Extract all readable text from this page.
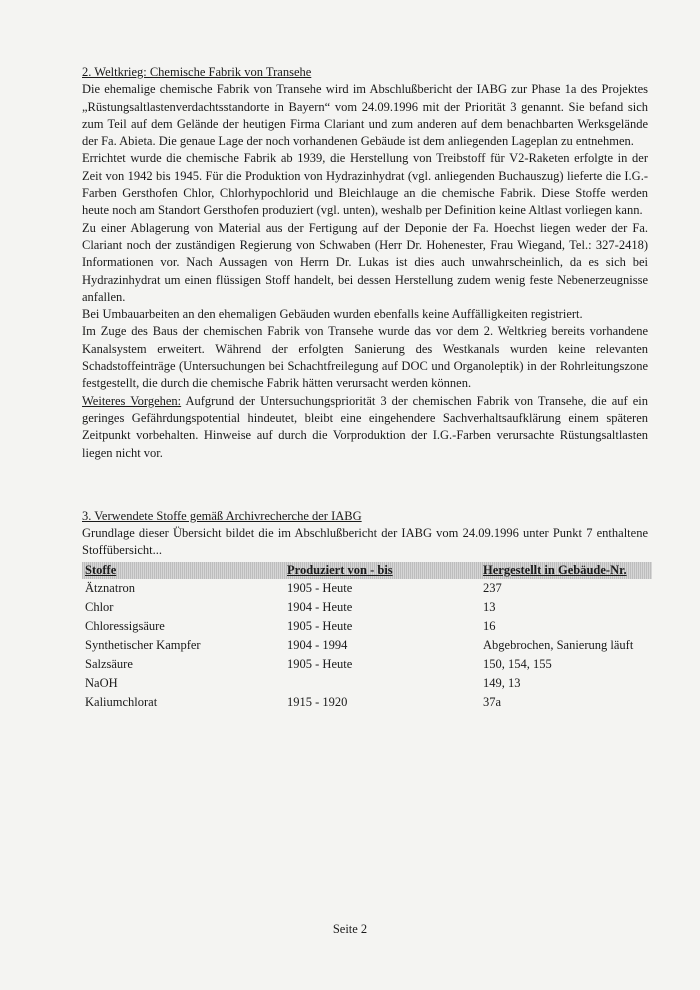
2. Weltkrieg: Chemische Fabrik von Transehe

Die ehemalige chemische Fabrik von Transehe wird im Abschlußbericht der IABG zur Phase 1a des Projektes „Rüstungsaltlastenverdachtsstandorte in Bayern“ vom 24.09.1996 mit der Priorität 3 genannt. Sie befand sich zum Teil auf dem Gelände der heutigen Firma Clariant und zum anderen auf dem benachbarten Werksgelände der Fa. Abieta. Die genaue Lage der noch vorhandenen Gebäude ist dem anliegenden Lageplan zu entnehmen.

Errichtet wurde die chemische Fabrik ab 1939, die Herstellung von Treibstoff für V2-Raketen erfolgte in der Zeit von 1942 bis 1945. Für die Produktion von Hydrazinhydrat (vgl. anliegenden Buchauszug) lieferte die I.G.-Farben Gersthofen Chlor, Chlorhypochlorid und Bleichlauge an die chemische Fabrik. Diese Stoffe werden heute noch am Standort Gersthofen produziert (vgl. unten), weshalb per Definition keine Altlast vorliegen kann.

Zu einer Ablagerung von Material aus der Fertigung auf der Deponie der Fa. Hoechst liegen weder der Fa. Clariant noch der zuständigen Regierung von Schwaben (Herr Dr. Hohenester, Frau Wiegand, Tel.: 327-2418) Informationen vor. Nach Aussagen von Herrn Dr. Lukas ist dies auch unwahrscheinlich, da es sich bei Hydrazinhydrat um einen flüssigen Stoff handelt, bei dessen Herstellung zudem wenig feste Nebenerzeugnisse anfallen.

Bei Umbauarbeiten an den ehemaligen Gebäuden wurden ebenfalls keine Auffälligkeiten registriert.

Im Zuge des Baus der chemischen Fabrik von Transehe wurde das vor dem 2. Weltkrieg bereits vorhandene Kanalsystem erweitert. Während der erfolgten Sanierung des Westkanals wurden keine relevanten Schadstoffeinträge (Untersuchungen bei Schachtfreilegung auf DOC und Organoleptik) in der Rohrleitungszone festgestellt, die durch die chemische Fabrik hätten verursacht werden können.

Weiteres Vorgehen: Aufgrund der Untersuchungspriorität 3 der chemischen Fabrik von Transehe, die auf ein geringes Gefährdungspotential hindeutet, bleibt eine eingehendere Sachverhaltsaufklärung einem späteren Zeitpunkt vorbehalten. Hinweise auf durch die Vorproduktion der I.G.-Farben verursachte Rüstungsaltlasten liegen nicht vor.

3. Verwendete Stoffe gemäß Archivrecherche der IABG

Grundlage dieser Übersicht bildet die im Abschlußbericht der IABG vom 24.09.1996 unter Punkt 7 enthaltene Stoffübersicht...

Stoffe	Produziert von - bis	Hergestellt in Gebäude-Nr.
Ätznatron	1905 - Heute	237
Chlor	1904 - Heute	13
Chloressigsäure	1905 - Heute	16
Synthetischer Kampfer	1904 - 1994	Abgebrochen, Sanierung läuft
Salzsäure	1905 - Heute	150, 154, 155
NaOH		149, 13
Kaliumchlorat	1915 - 1920	37a
Seite 2
